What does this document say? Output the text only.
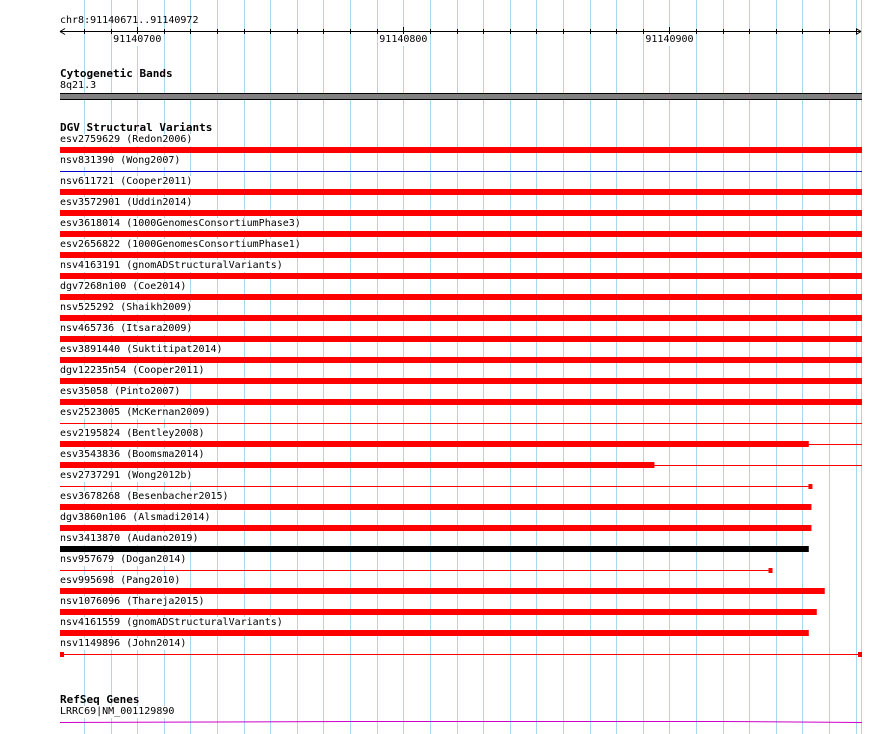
chr8:91140671..91140972
91140700	91140800	91140900
Cytogenetic Bands
8q21.3
DGV Structural Variants
esv2759629 (Redon2006)
nsv831390 (Wong2007)
nsv611721 (Cooper2011)
esv3572901 (Uddin2014)
esv3618014 (1000GenomesConsortiumPhase3)
esv2656822 (1000GenomesConsortiumPhase1)
nsv4163191 (gnomADStructuralVariants)
dgv7268n100 (Coe2014)
nsv525292 (Shaikh2009)
nsv465736 (Itsara2009)
esv3891440 (Suktitipat2014)
dgv12235n54 (Cooper2011)
esv35058 (Pinto2007)
esv2523005 (McKernan2009)
esv2195824 (Bentley2008)
esv3543836 (Boomsma2014)
esv2737291 (Wong2012b)
esv3678268 (Besenbacher2015)
dgv3860n106 (Alsmadi2014)
nsv3413870 (Audano2019)
nsv957679 (Dogan2014)
esv995698 (Pang2010)
nsv1076096 (Thareja2015)
nsv4161559 (gnomADStructuralVariants)
nsv1149896 (John2014)
RefSeq Genes
LRRC69|NM_001129890
